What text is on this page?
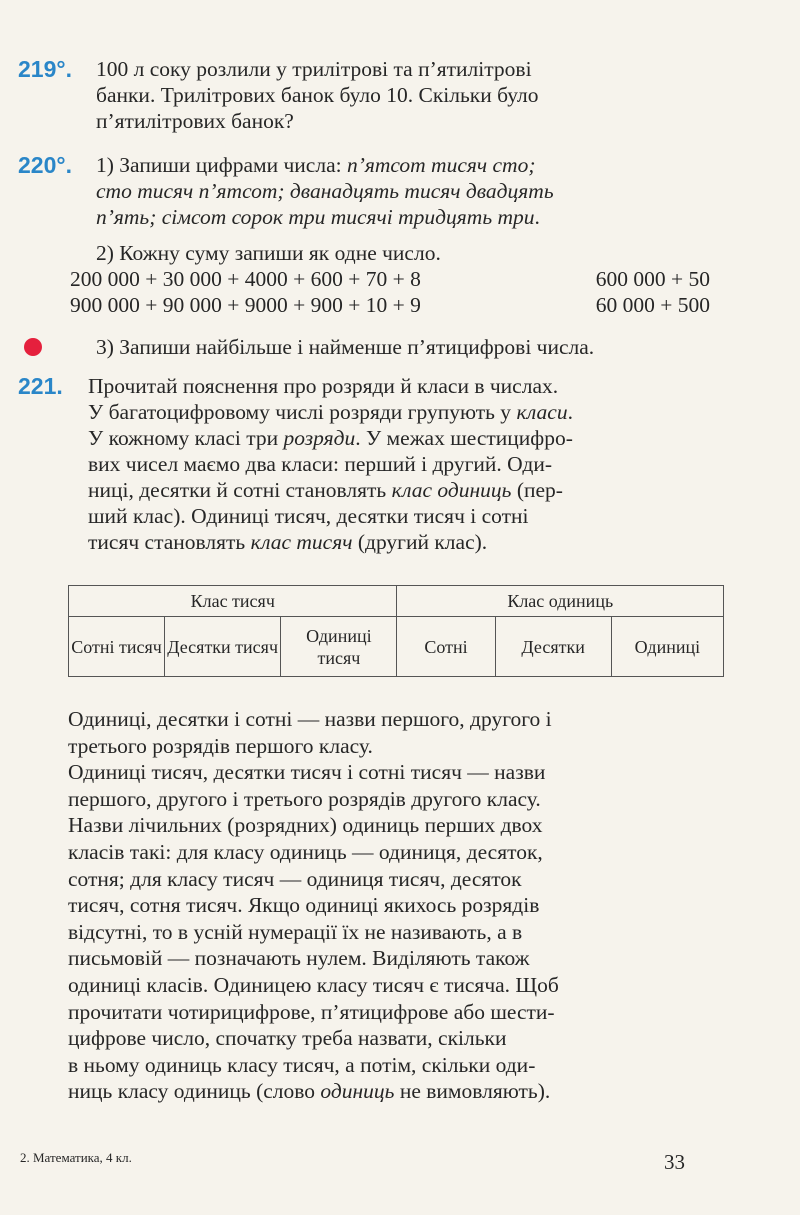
219°. 100 л соку розлили у трилітрові та п’ятилітрові
банки. Трилітрових банок було 10. Скільки було
п’ятилітрових банок?
220°. 1) Запиши цифрами числа: п’ятсот тисяч сто;
сто тисяч п’ятсот; дванадцять тисяч двадцять
п’ять; сімсот сорок три тисячі тридцять три.
2) Кожну суму запиши як одне число.
200 000 + 30 000 + 4000 + 600 + 70 + 8	600 000 + 50
900 000 + 90 000 + 9000 + 900 + 10 + 9	60 000 + 500
3) Запиши найбільше і найменше п’ятицифрові числа.
221. Прочитай пояснення про розряди й класи в числах.
У багатоцифровому числі розряди групують у класи.
У кожному класі три розряди. У межах шестицифро-
вих чисел маємо два класи: перший і другий. Оди-
ниці, десятки й сотні становлять клас одиниць (пер-
ший клас). Одиниці тисяч, десятки тисяч і сотні
тисяч становлять клас тисяч (другий клас).
Клас тисяч			Клас одиниць		
Сотні тисяч	Десятки тисяч	Одиниці тисяч	Сотні	Десятки	Одиниці
Одиниці, десятки і сотні — назви першого, другого і
третього розрядів першого класу.
Одиниці тисяч, десятки тисяч і сотні тисяч — назви
першого, другого і третього розрядів другого класу.
Назви лічильних (розрядних) одиниць перших двох
класів такі: для класу одиниць — одиниця, десяток,
сотня; для класу тисяч — одиниця тисяч, десяток
тисяч, сотня тисяч. Якщо одиниці якихось розрядів
відсутні, то в усній нумерації їх не називають, а в
письмовій — позначають нулем. Виділяють також
одиниці класів. Одиницею класу тисяч є тисяча. Щоб
прочитати чотирицифрове, п’ятицифрове або шести-
цифрове число, спочатку треба назвати, скільки
в ньому одиниць класу тисяч, а потім, скільки оди-
ниць класу одиниць (слово одиниць не вимовляють).
2. Математика, 4 кл.	33
